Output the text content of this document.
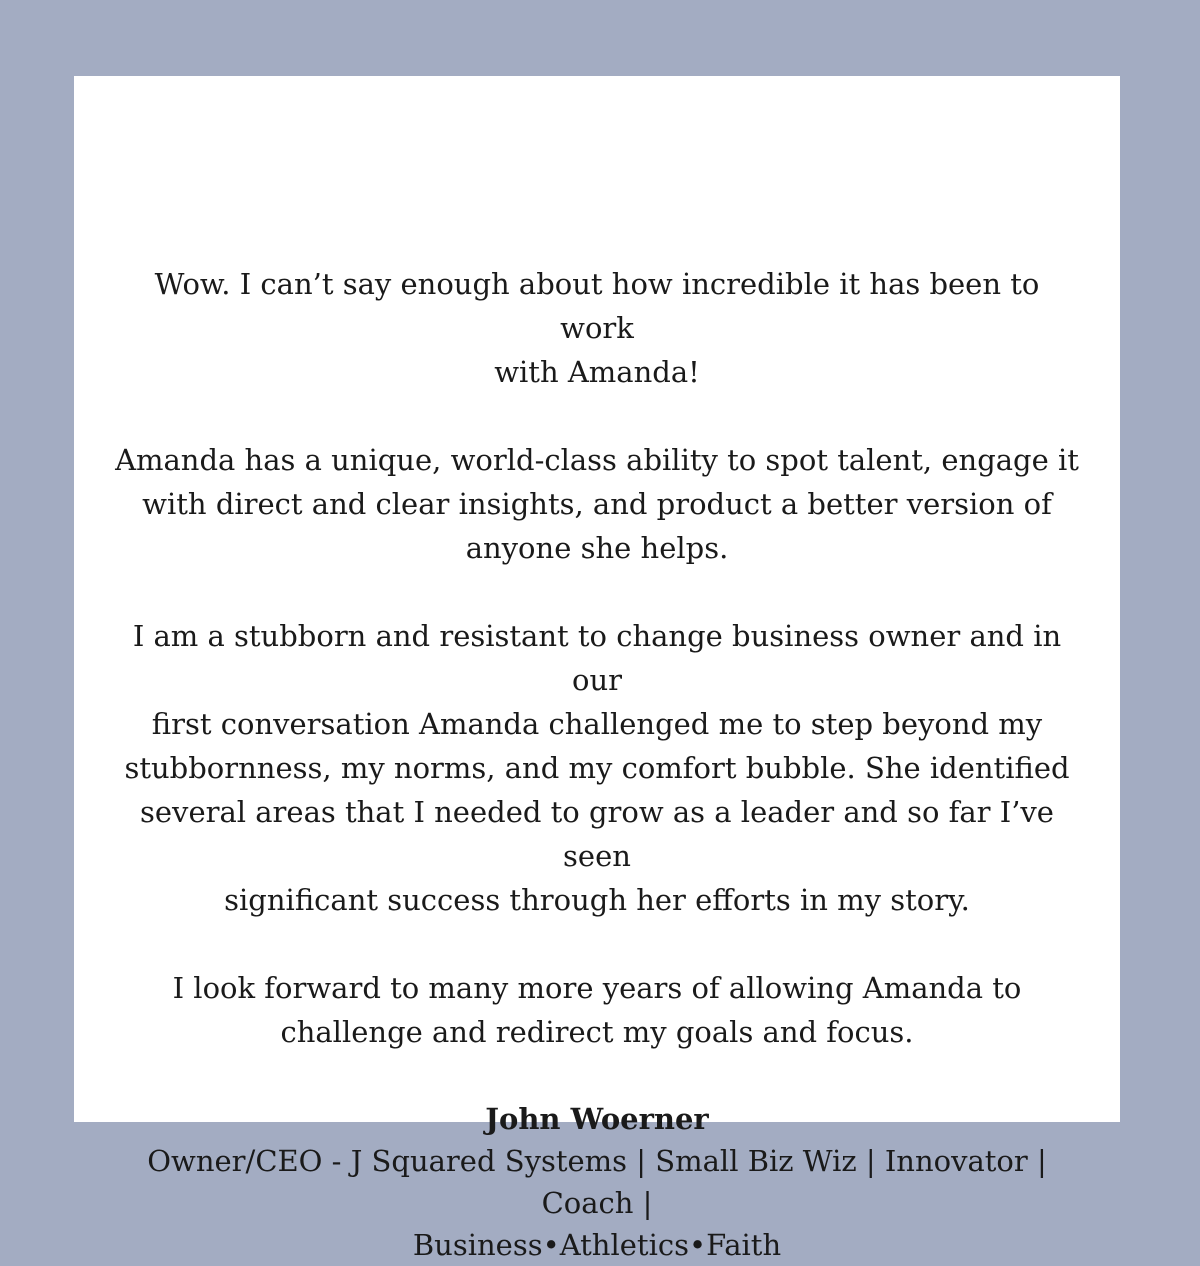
Wow. I can’t say enough about how incredible it has been to work
with Amanda!

Amanda has a unique, world-class ability to spot talent, engage it
with direct and clear insights, and product a better version of
anyone she helps.

I am a stubborn and resistant to change business owner and in our
first conversation Amanda challenged me to step beyond my
stubbornness, my norms, and my comfort bubble. She identified
several areas that I needed to grow as a leader and so far I’ve seen
significant success through her efforts in my story.

I look forward to many more years of allowing Amanda to
challenge and redirect my goals and focus.

John Woerner

Owner/CEO - J Squared Systems | Small Biz Wiz | Innovator | Coach |
Business•Athletics•Faith
